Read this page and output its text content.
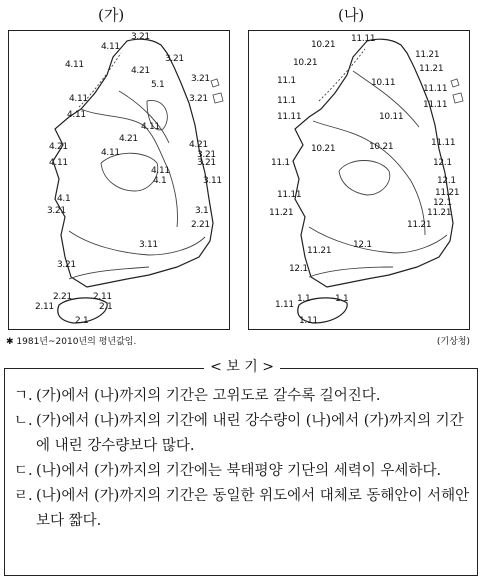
(가)	(나)
4.11
3.21
4.11
3.21
4.11
4.21
3.21
5.1
3.21
4.11
4.11
4.21
4.11
4.21	4.21
4.11
4.11	3.21
3.21
4.1
3.11
4.1
3.1
3.21
2.21
3.11
3.21
2.21 2.11
2.1
2.11
2.1
10.21
11.11
11.21
10.21
11.1
11.21
11.11
10.11
11.11
11.1
10.11
11.11
11.11
10.21	10.21
12.1
11.1
12.1
11.11	11.21
11.21
12.1
11.21
12.1
11.21
11.21
12.1
1.1	1.1
1.11
1.11
✱ 1981년~2010년의 평년값임.	(기상청)
< 보 기 >
ㄱ. (가)에서 (나)까지의 기간은 고위도로 갈수록 길어진다.
ㄴ. (가)에서 (나)까지의 기간에 내린 강수량이 (나)에서 (가)까지의 기간에 내린 강수량보다 많다.
ㄷ. (나)에서 (가)까지의 기간에는 북태평양 기단의 세력이 우세하다.
ㄹ. (나)에서 (가)까지의 기간은 동일한 위도에서 대체로 동해안이 서해안보다 짧다.
